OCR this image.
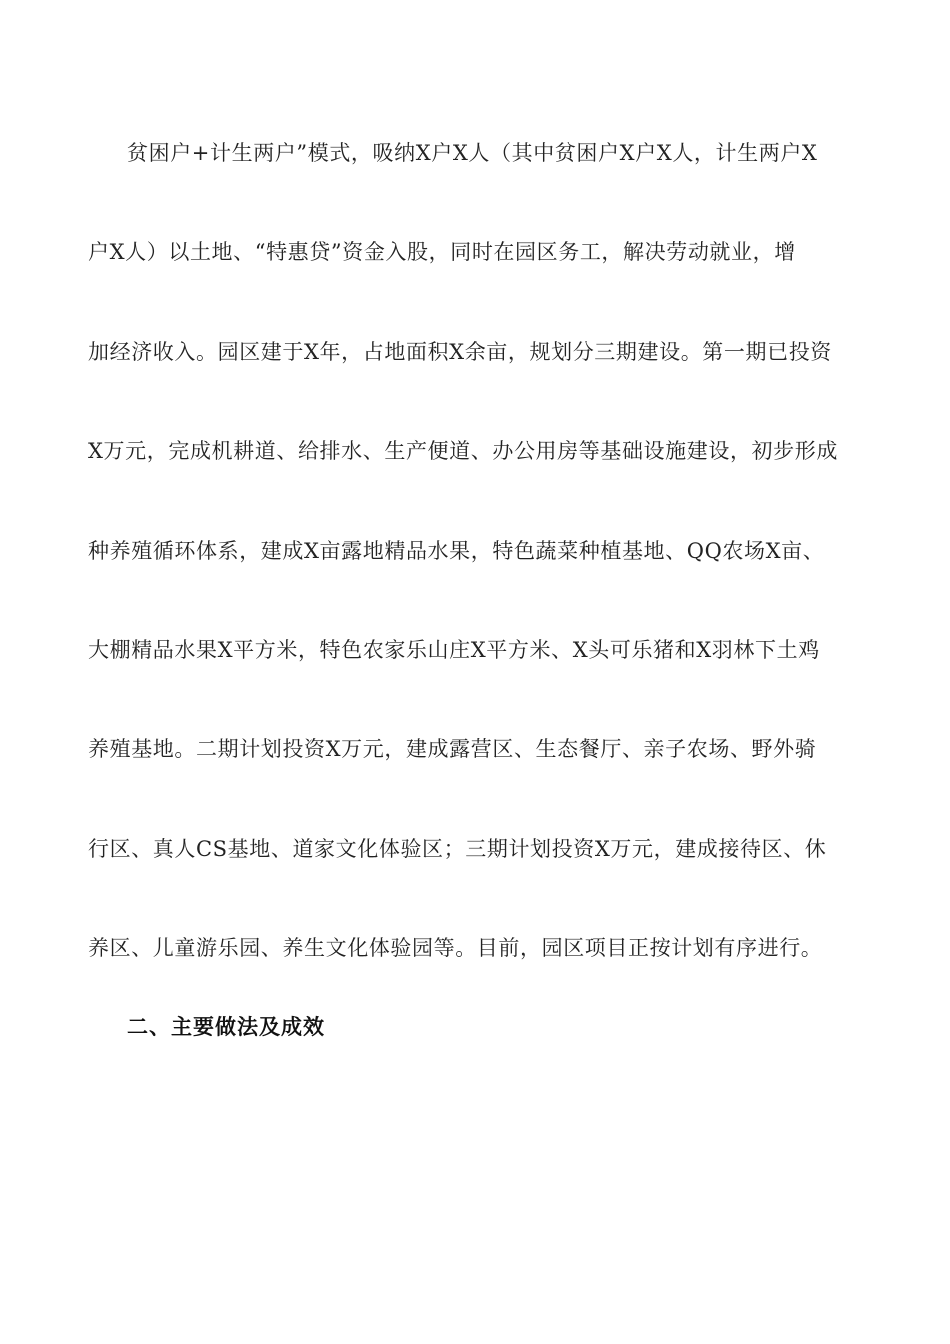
贫困户+计生两户”模式，吸纳X户X人（其中贫困户X户X人，计生两户X
户X人）以土地、“特惠贷”资金入股，同时在园区务工，解决劳动就业，增
加经济收入。园区建于X年，占地面积X余亩，规划分三期建设。第一期已投资
X万元，完成机耕道、给排水、生产便道、办公用房等基础设施建设，初步形成
种养殖循环体系，建成X亩露地精品水果，特色蔬菜种植基地、QQ农场X亩、
大棚精品水果X平方米，特色农家乐山庄X平方米、X头可乐猪和X羽林下土鸡
养殖基地。二期计划投资X万元，建成露营区、生态餐厅、亲子农场、野外骑
行区、真人CS基地、道家文化体验区；三期计划投资X万元，建成接待区、休
养区、儿童游乐园、养生文化体验园等。目前，园区项目正按计划有序进行。
二、主要做法及成效
